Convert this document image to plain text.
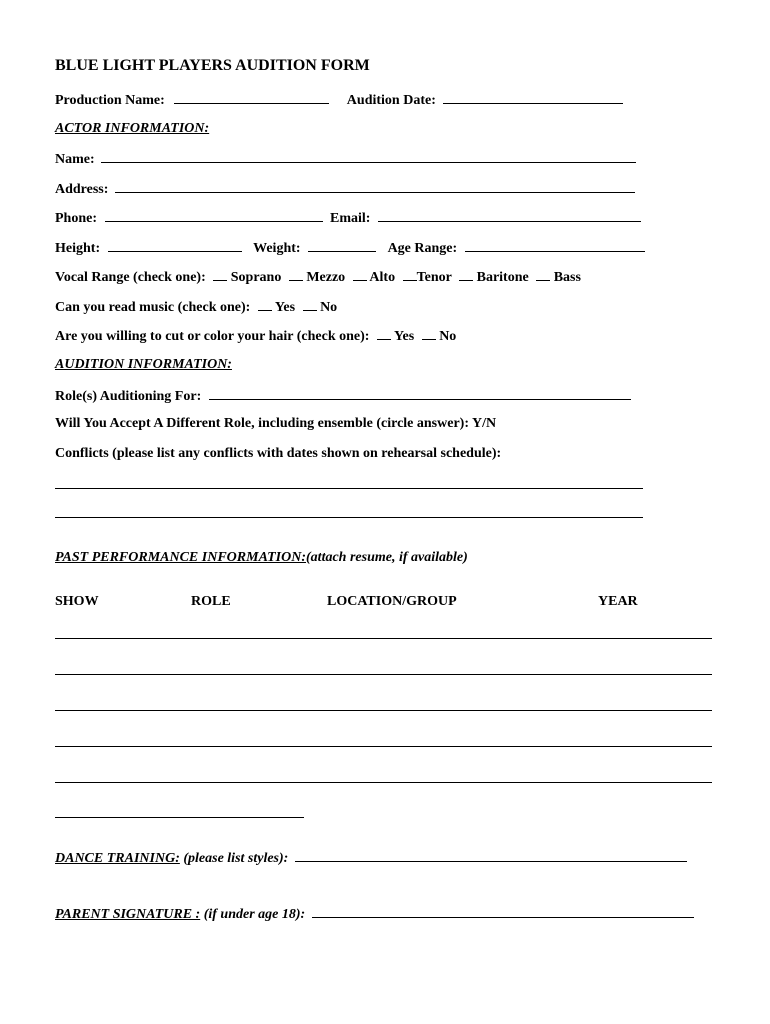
BLUE LIGHT PLAYERS AUDITION FORM
Production Name:	Audition Date:
ACTOR INFORMATION:
Name:
Address:
Phone:	Email:
Height:	Weight:	Age Range:
Vocal Range (check one): Soprano Mezzo Alto Tenor Baritone Bass
Can you read music (check one): Yes No
Are you willing to cut or color your hair (check one): Yes No
AUDITION INFORMATION:
Role(s) Auditioning For:
Will You Accept A Different Role, including ensemble (circle answer): Y/N
Conflicts (please list any conflicts with dates shown on rehearsal schedule):
PAST PERFORMANCE INFORMATION:(attach resume, if available)
SHOW	ROLE	LOCATION/GROUP	YEAR
DANCE TRAINING: (please list styles):
PARENT SIGNATURE : (if under age 18):
